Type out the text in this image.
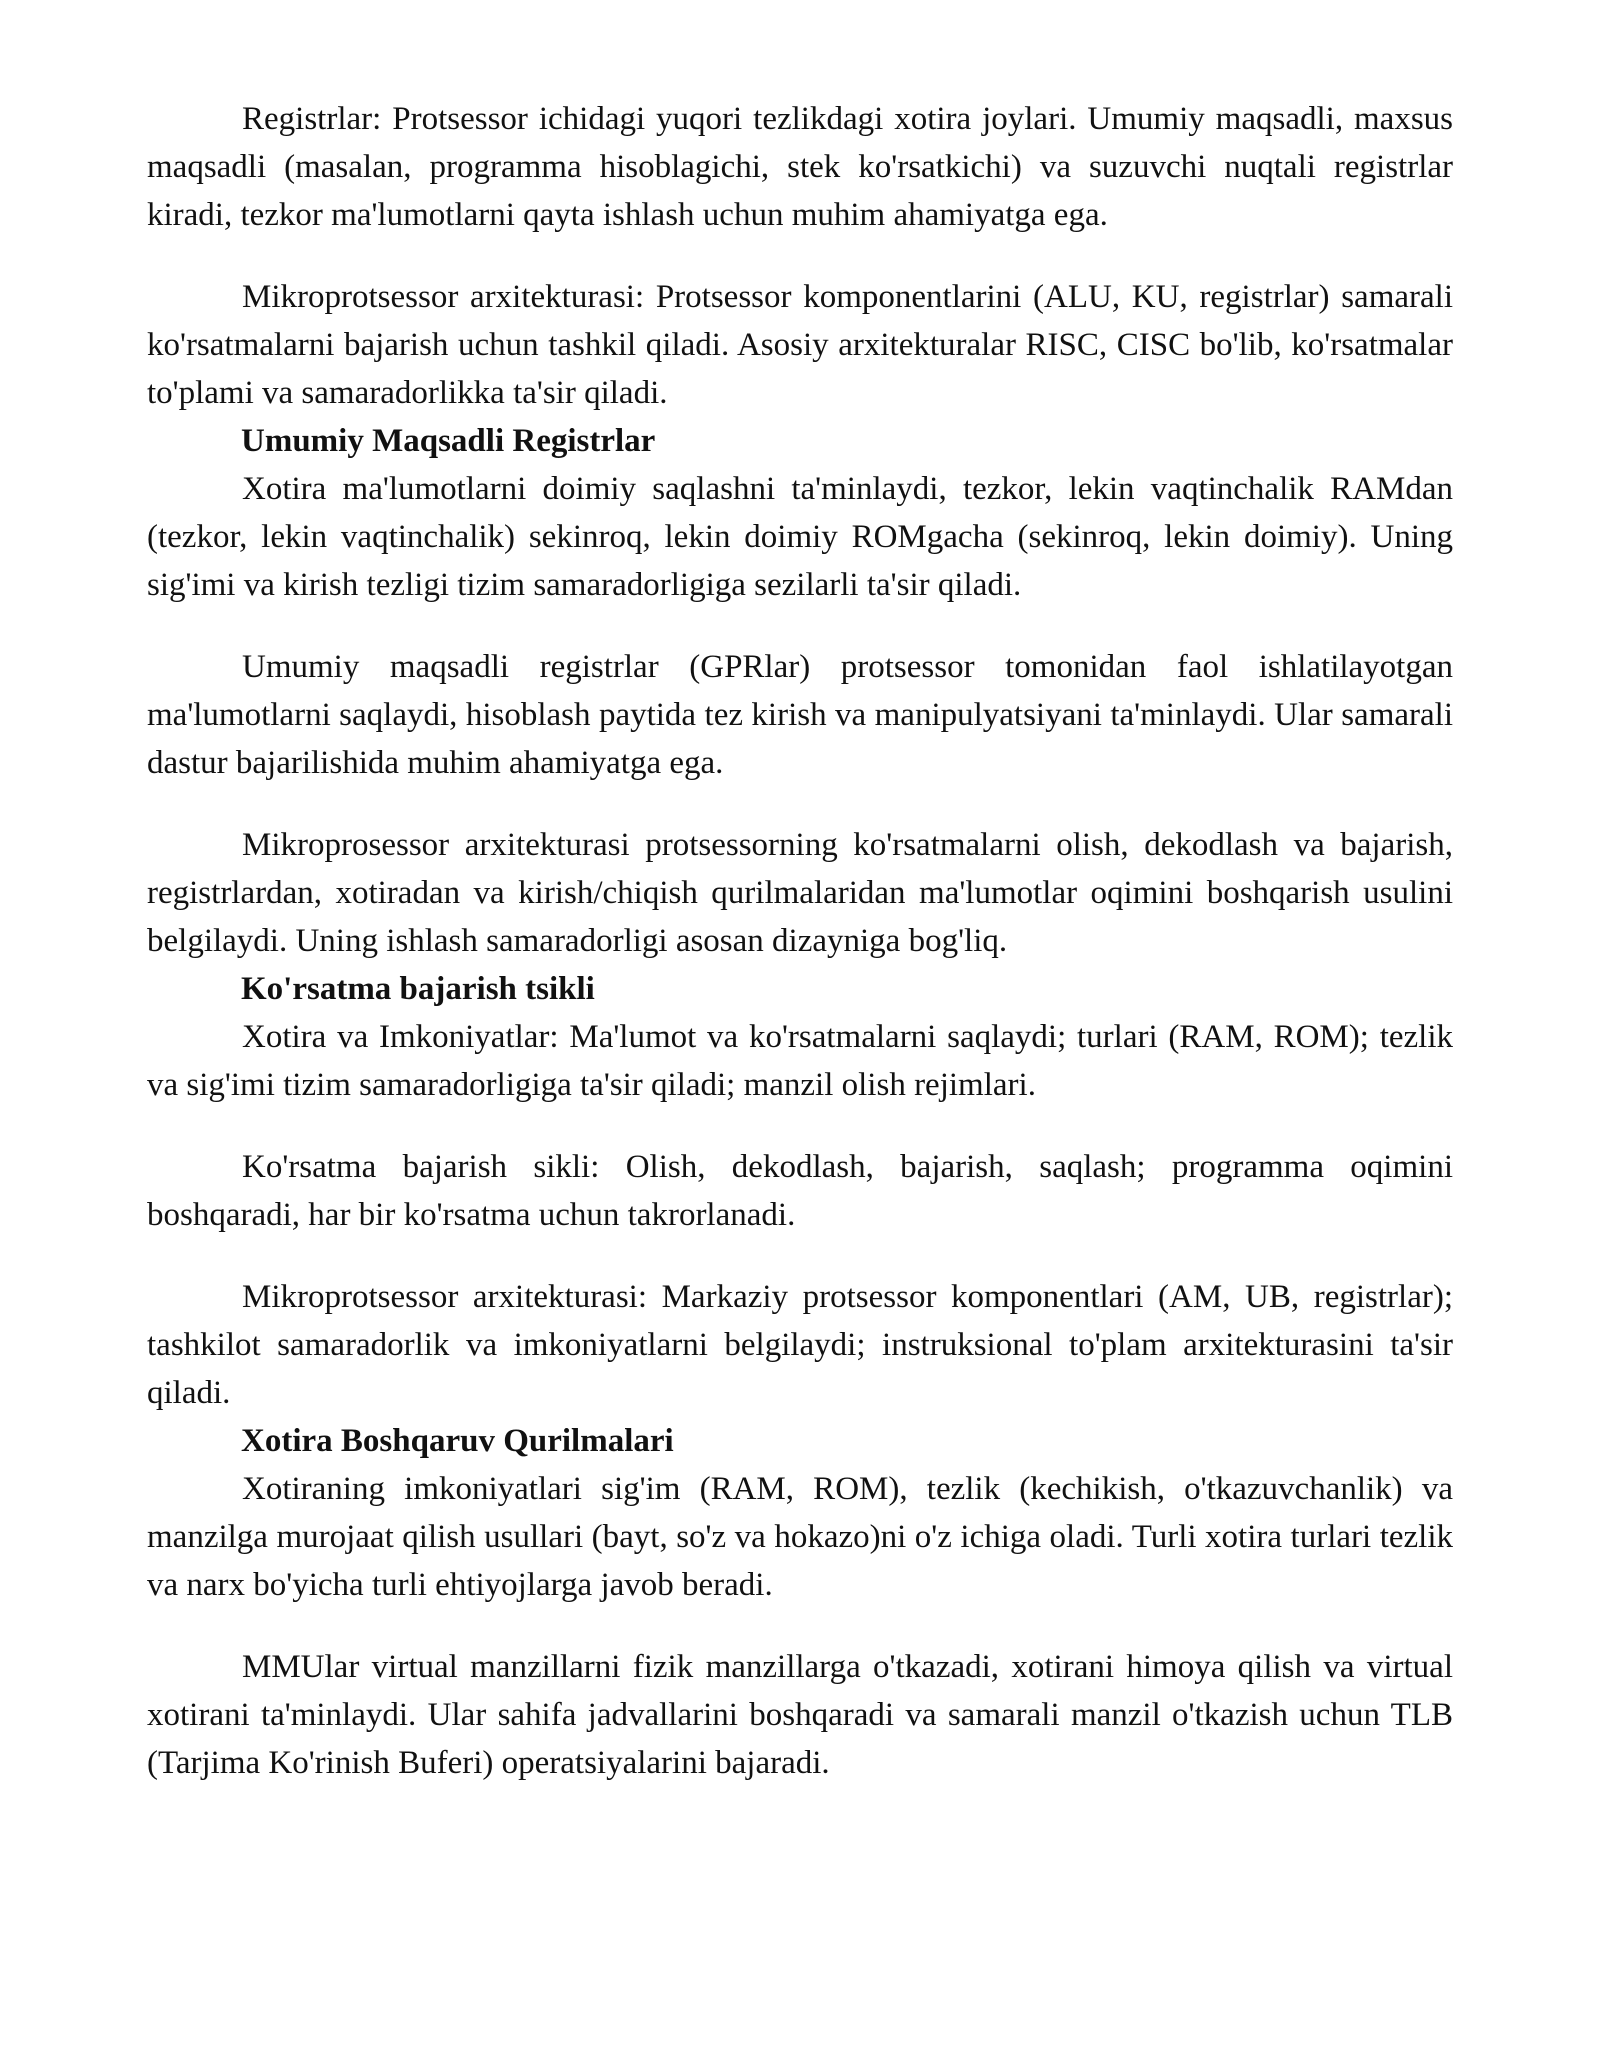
Registrlar: Protsessor ichidagi yuqori tezlikdagi xotira joylari. Umumiy maqsadli, maxsus maqsadli (masalan, programma hisoblagichi, stek ko'rsatkichi) va suzuvchi nuqtali registrlar kiradi, tezkor ma'lumotlarni qayta ishlash uchun muhim ahamiyatga ega.

Mikroprotsessor arxitekturasi: Protsessor komponentlarini (ALU, KU, registrlar) samarali ko'rsatmalarni bajarish uchun tashkil qiladi. Asosiy arxitekturalar RISC, CISC bo'lib, ko'rsatmalar to'plami va samaradorlikka ta'sir qiladi.

Umumiy Maqsadli Registrlar

Xotira ma'lumotlarni doimiy saqlashni ta'minlaydi, tezkor, lekin vaqtinchalik RAMdan (tezkor, lekin vaqtinchalik) sekinroq, lekin doimiy ROMgacha (sekinroq, lekin doimiy). Uning sig'imi va kirish tezligi tizim samaradorligiga sezilarli ta'sir qiladi.

Umumiy maqsadli registrlar (GPRlar) protsessor tomonidan faol ishlatilayotgan ma'lumotlarni saqlaydi, hisoblash paytida tez kirish va manipulyatsiyani ta'minlaydi. Ular samarali dastur bajarilishida muhim ahamiyatga ega.

Mikroprosessor arxitekturasi protsessorning ko'rsatmalarni olish, dekodlash va bajarish, registrlardan, xotiradan va kirish/chiqish qurilmalaridan ma'lumotlar oqimini boshqarish usulini belgilaydi. Uning ishlash samaradorligi asosan dizayniga bog'liq.

Ko'rsatma bajarish tsikli

Xotira va Imkoniyatlar: Ma'lumot va ko'rsatmalarni saqlaydi; turlari (RAM, ROM); tezlik va sig'imi tizim samaradorligiga ta'sir qiladi; manzil olish rejimlari.

Ko'rsatma bajarish sikli: Olish, dekodlash, bajarish, saqlash; programma oqimini boshqaradi, har bir ko'rsatma uchun takrorlanadi.

Mikroprotsessor arxitekturasi: Markaziy protsessor komponentlari (AM, UB, registrlar); tashkilot samaradorlik va imkoniyatlarni belgilaydi; instruksional to'plam arxitekturasini ta'sir qiladi.

Xotira Boshqaruv Qurilmalari

Xotiraning imkoniyatlari sig'im (RAM, ROM), tezlik (kechikish, o'tkazuvchanlik) va manzilga murojaat qilish usullari (bayt, so'z va hokazo)ni o'z ichiga oladi. Turli xotira turlari tezlik va narx bo'yicha turli ehtiyojlarga javob beradi.

MMUlar virtual manzillarni fizik manzillarga o'tkazadi, xotirani himoya qilish va virtual xotirani ta'minlaydi. Ular sahifa jadvallarini boshqaradi va samarali manzil o'tkazish uchun TLB (Tarjima Ko'rinish Buferi) operatsiyalarini bajaradi.
